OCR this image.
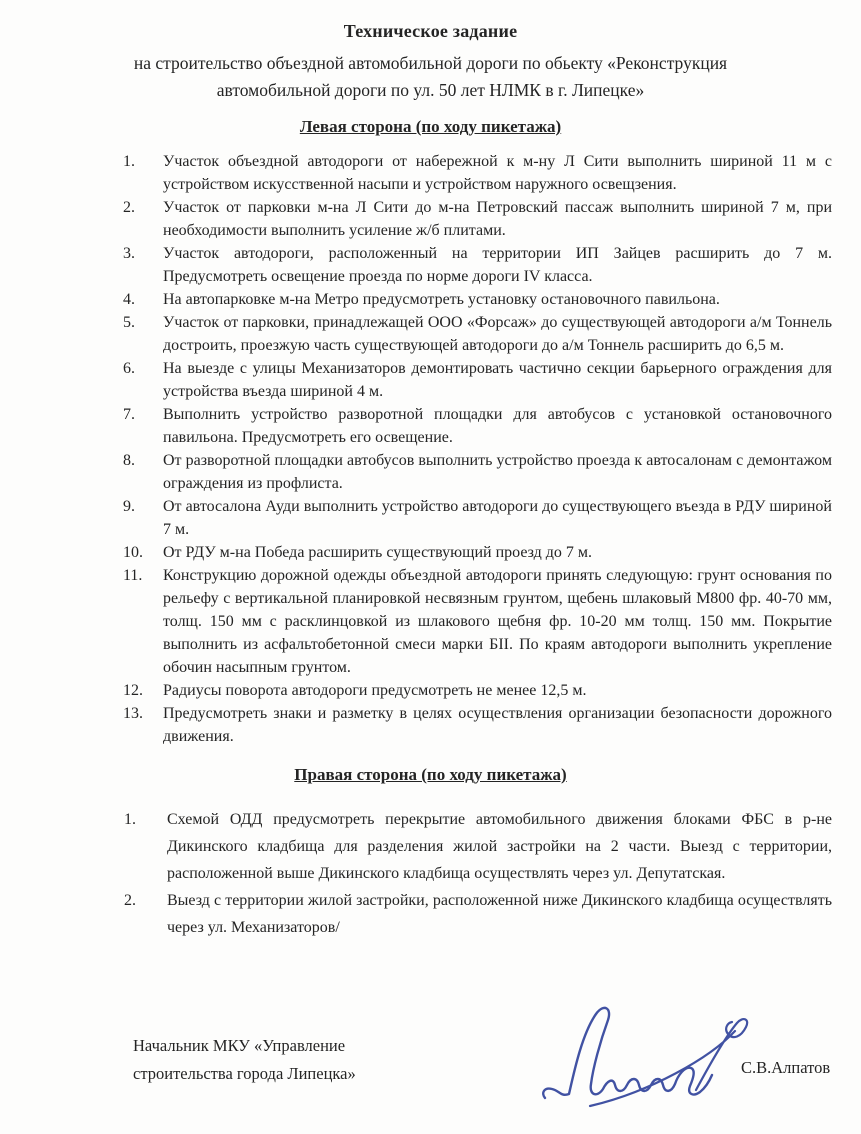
Техническое задание
на строительство объездной автомобильной дороги по обьекту «Реконструкция
автомобильной дороги по ул. 50 лет НЛМК в г. Липецке»
Левая сторона (по ходу пикетажа)
Участок объездной автодороги от набережной к м-ну Л Сити выполнить шириной 11 м с устройством искусственной насыпи и устройством наружного освещзения.
Участок от парковки м-на Л Сити до м-на Петровский пассаж выполнить шириной 7 м, при необходимости выполнить усиление ж/б плитами.
Участок автодороги, расположенный на территории ИП Зайцев расширить до 7 м. Предусмотреть освещение проезда по норме дороги IV класса.
На автопарковке м-на Метро предусмотреть установку остановочного павильона.
Участок от парковки, принадлежащей ООО «Форсаж» до существующей автодороги а/м Тоннель достроить, проезжую часть существующей автодороги до а/м Тоннель расширить до 6,5 м.
На выезде с улицы Механизаторов демонтировать частично секции барьерного ограждения для устройства въезда шириной 4 м.
Выполнить устройство разворотной площадки для автобусов с установкой остановочного павильона. Предусмотреть его освещение.
От разворотной площадки автобусов выполнить устройство проезда к автосалонам с демонтажом ограждения из профлиста.
От автосалона Ауди выполнить устройство автодороги до существующего въезда в РДУ шириной 7 м.
От РДУ м-на Победа расширить существующий проезд до 7 м.
Конструкцию дорожной одежды объездной автодороги принять следующую: грунт основания по рельефу с вертикальной планировкой несвязным грунтом, щебень шлаковый М800 фр. 40-70 мм, толщ. 150 мм с расклинцовкой из шлакового щебня фр. 10-20 мм толщ. 150 мм. Покрытие выполнить из асфальтобетонной смеси марки БII. По краям автодороги выполнить укрепление обочин насыпным грунтом.
Радиусы поворота автодороги предусмотреть не менее 12,5 м.
Предусмотреть знаки и разметку в целях осуществления организации безопасности дорожного движения.
Правая сторона (по ходу пикетажа)
Схемой ОДД предусмотреть перекрытие автомобильного движения блоками ФБС в р-не Дикинского кладбища для разделения жилой застройки на 2 части. Выезд с территории, расположенной выше Дикинского кладбища осуществлять через ул. Депутатская.
Выезд с территории жилой застройки, расположенной ниже Дикинского кладбища осуществлять через ул. Механизаторов/
Начальник МКУ «Управление
строительства города Липецка»	С.В.Алпатов
